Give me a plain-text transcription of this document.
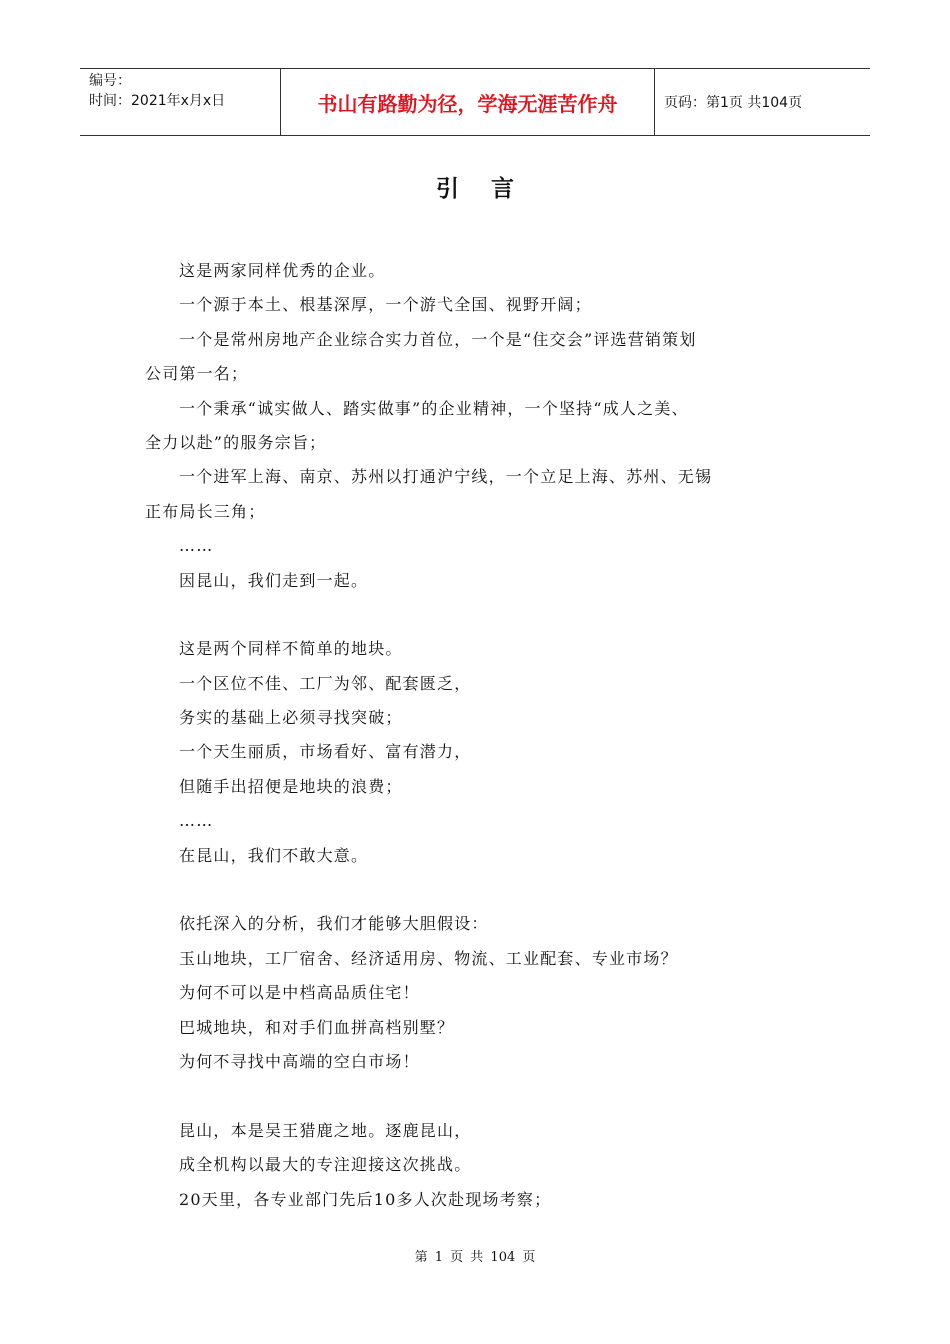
编号：
时间：2021年x月x日	书山有路勤为径，学海无涯苦作舟	页码：第1页 共104页
引 言
这是两家同样优秀的企业。
一个源于本土、根基深厚，一个游弋全国、视野开阔；
一个是常州房地产企业综合实力首位，一个是“住交会”评选营销策划
公司第一名；
一个秉承“诚实做人、踏实做事”的企业精神，一个坚持“成人之美、
全力以赴”的服务宗旨；
一个进军上海、南京、苏州以打通沪宁线，一个立足上海、苏州、无锡
正布局长三角；
……
因昆山，我们走到一起。
这是两个同样不简单的地块。
一个区位不佳、工厂为邻、配套匮乏，
务实的基础上必须寻找突破；
一个天生丽质，市场看好、富有潜力，
但随手出招便是地块的浪费；
……
在昆山，我们不敢大意。
依托深入的分析，我们才能够大胆假设：
玉山地块，工厂宿舍、经济适用房、物流、工业配套、专业市场？
为何不可以是中档高品质住宅！
巴城地块，和对手们血拼高档别墅？
为何不寻找中高端的空白市场！
昆山，本是吴王猎鹿之地。逐鹿昆山，
成全机构以最大的专注迎接这次挑战。
20天里，各专业部门先后10多人次赴现场考察；
第 1 页 共 104 页
